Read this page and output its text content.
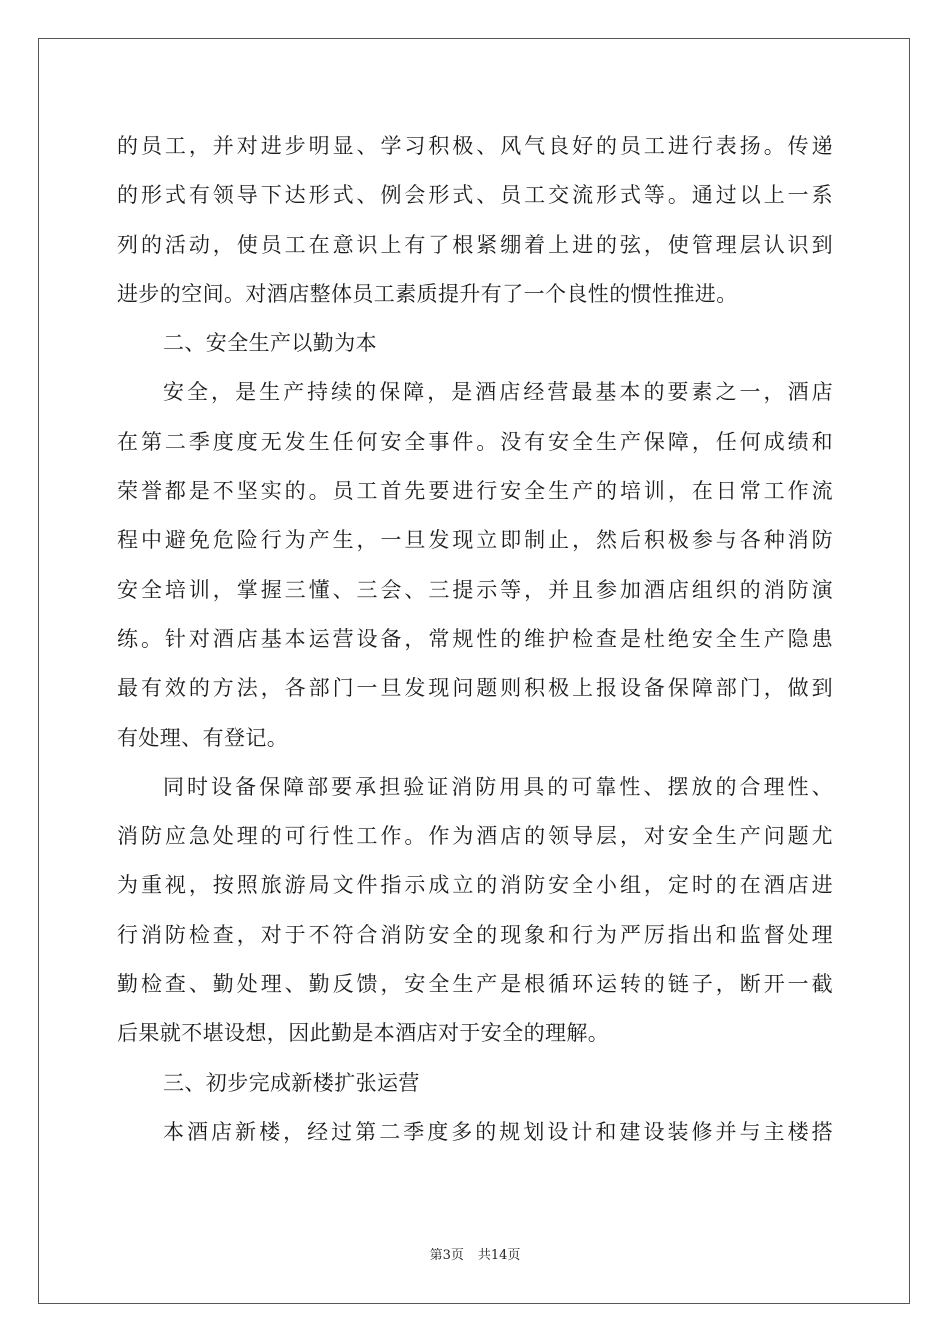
的员工，并对进步明显、学习积极、风气良好的员工进行表扬。传递
的形式有领导下达形式、例会形式、员工交流形式等。通过以上一系
列的活动，使员工在意识上有了根紧绷着上进的弦，使管理层认识到
进步的空间。对酒店整体员工素质提升有了一个良性的惯性推进。
二、安全生产以勤为本
安全，是生产持续的保障，是酒店经营最基本的要素之一，酒店
在第二季度度无发生任何安全事件。没有安全生产保障，任何成绩和
荣誉都是不坚实的。员工首先要进行安全生产的培训，在日常工作流
程中避免危险行为产生，一旦发现立即制止，然后积极参与各种消防
安全培训，掌握三懂、三会、三提示等，并且参加酒店组织的消防演
练。针对酒店基本运营设备，常规性的维护检查是杜绝安全生产隐患
最有效的方法，各部门一旦发现问题则积极上报设备保障部门，做到
有处理、有登记。
同时设备保障部要承担验证消防用具的可靠性、摆放的合理性、
消防应急处理的可行性工作。作为酒店的领导层，对安全生产问题尤
为重视，按照旅游局文件指示成立的消防安全小组，定时的在酒店进
行消防检查，对于不符合消防安全的现象和行为严厉指出和监督处理
勤检查、勤处理、勤反馈，安全生产是根循环运转的链子，断开一截
后果就不堪设想，因此勤是本酒店对于安全的理解。
三、初步完成新楼扩张运营
本酒店新楼，经过第二季度多的规划设计和建设装修并与主楼搭
第3页 共14页
